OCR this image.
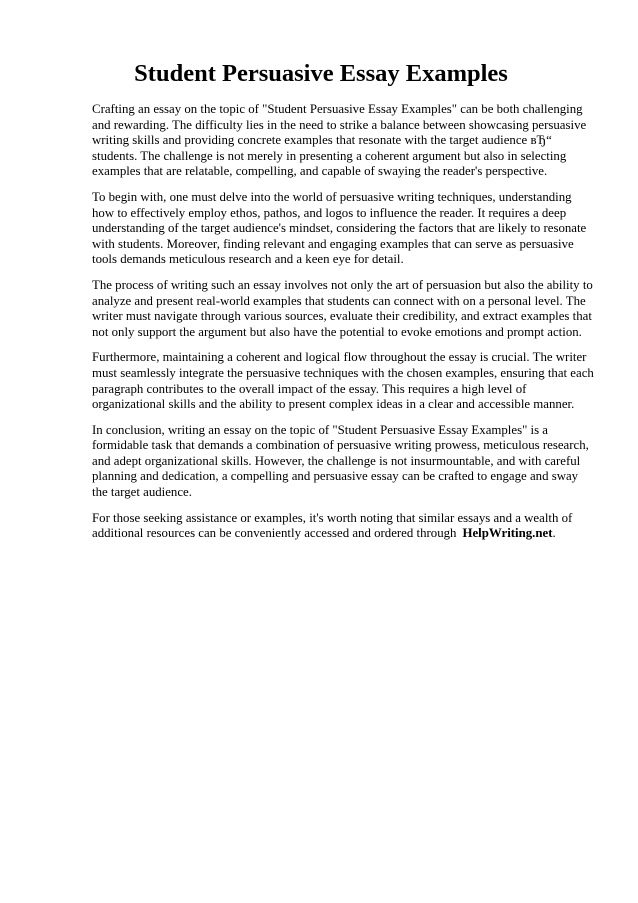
Student Persuasive Essay Examples

Crafting an essay on the topic of "Student Persuasive Essay Examples" can be both challenging and rewarding. The difficulty lies in the need to strike a balance between showcasing persuasive writing skills and providing concrete examples that resonate with the target audience вЂ“ students. The challenge is not merely in presenting a coherent argument but also in selecting examples that are relatable, compelling, and capable of swaying the reader's perspective.

To begin with, one must delve into the world of persuasive writing techniques, understanding how to effectively employ ethos, pathos, and logos to influence the reader. It requires a deep understanding of the target audience's mindset, considering the factors that are likely to resonate with students. Moreover, finding relevant and engaging examples that can serve as persuasive tools demands meticulous research and a keen eye for detail.

The process of writing such an essay involves not only the art of persuasion but also the ability to analyze and present real-world examples that students can connect with on a personal level. The writer must navigate through various sources, evaluate their credibility, and extract examples that not only support the argument but also have the potential to evoke emotions and prompt action.

Furthermore, maintaining a coherent and logical flow throughout the essay is crucial. The writer must seamlessly integrate the persuasive techniques with the chosen examples, ensuring that each paragraph contributes to the overall impact of the essay. This requires a high level of organizational skills and the ability to present complex ideas in a clear and accessible manner.

In conclusion, writing an essay on the topic of "Student Persuasive Essay Examples" is a formidable task that demands a combination of persuasive writing prowess, meticulous research, and adept organizational skills. However, the challenge is not insurmountable, and with careful planning and dedication, a compelling and persuasive essay can be crafted to engage and sway the target audience.

For those seeking assistance or examples, it's worth noting that similar essays and a wealth of additional resources can be conveniently accessed and ordered through HelpWriting.net.
